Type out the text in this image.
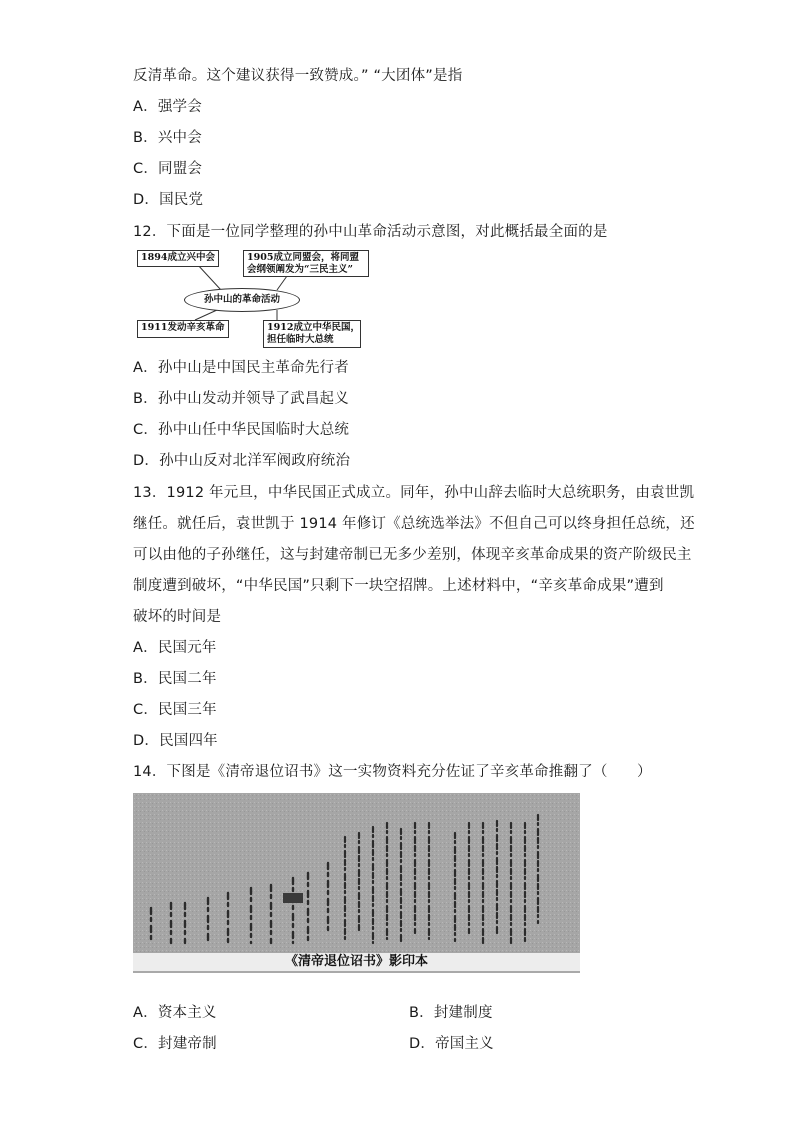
反清革命。这个建议获得一致赞成。” “大团体”是指
A．强学会
B．兴中会
C．同盟会
D．国民党
12．下面是一位同学整理的孙中山革命活动示意图，对此概括最全面的是
1894成立兴中会	1905成立同盟会，将同盟
会纲领阐发为“三民主义”
孙中山的革命活动
1911发动辛亥革命	1912成立中华民国，
担任临时大总统
A．孙中山是中国民主革命先行者
B．孙中山发动并领导了武昌起义
C．孙中山任中华民国临时大总统
D．孙中山反对北洋军阀政府统治
13．1912 年元旦，中华民国正式成立。同年，孙中山辞去临时大总统职务，由袁世凯
继任。就任后，袁世凯于 1914 年修订《总统选举法》不但自己可以终身担任总统，还
可以由他的子孙继任，这与封建帝制已无多少差别，体现辛亥革命成果的资产阶级民主
制度遭到破坏，“中华民国”只剩下一块空招牌。上述材料中，“辛亥革命成果”遭到
破坏的时间是
A．民国元年
B．民国二年
C．民国三年
D．民国四年
14．下图是《清帝退位诏书》这一实物资料充分佐证了辛亥革命推翻了（　　）
《清帝退位诏书》影印本
A．资本主义	B．封建制度
C．封建帝制	D．帝国主义
